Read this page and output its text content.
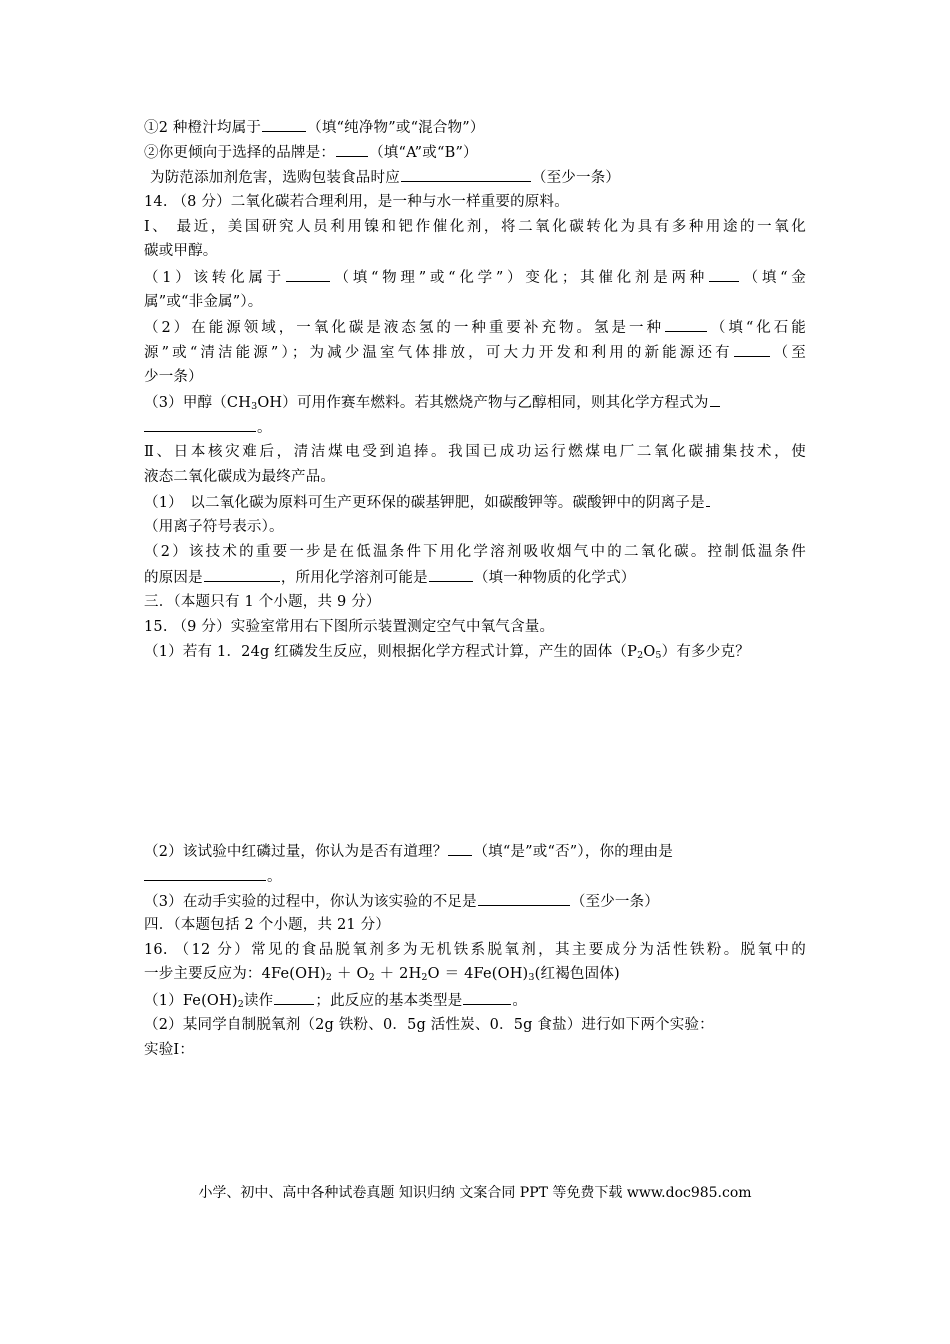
①2 种橙汁均属于	（填“纯净物”或“混合物”）
②你更倾向于选择的品牌是： （填“A”或“B”）
为防范添加剂危害，选购包装食品时应	（至少一条）
14. （8 分）二氧化碳若合理利用，是一种与水一样重要的原料。
Ⅰ、 最近，美国研究人员利用镍和钯作催化剂，将二氧化碳转化为具有多种用途的一氧化
碳或甲醇。
（1）该转化属于	（填“物理”或“化学”）变化；其催化剂是两种 （填“金
属”或“非金属”）。
（2）在能源领域，一氧化碳是液态氢的一种重要补充物。氢是一种	（填“化石能
源”或“清洁能源”）；为减少温室气体排放，可大力开发和利用的新能源还有	（至
少一条）
（3）甲醇$(CH_3OH)$可用作赛车燃料。若其燃烧产物与乙醇相同，则其化学方程式为
。
Ⅱ、日本核灾难后，清洁煤电受到追捧。我国已成功运行燃煤电厂二氧化碳捕集技术，使
液态二氧化碳成为最终产品。
（1）　以二氧化碳为原料可生产更环保的碳基钾肥，如碳酸钾等。碳酸钾中的阴离子是
（用离子符号表示）。
（2）该技术的重要一步是在低温条件下用化学溶剂吸收烟气中的二氧化碳。控制低温条件
的原因是	，所用化学溶剂可能是	（填一种物质的化学式）
三．（本题只有 1 个小题，共 9 分）
15. （9 分）实验室常用右下图所示装置测定空气中氧气含量。
（1）若有 1．24g 红磷发生反应，则根据化学方程式计算，产生的固体$(P_2O_5)$有多少克？
（2）该试验中红磷过量，你认为是否有道理？ （填“是”或“否”），你的理由是
。
（3）在动手实验的过程中，你认为该实验的不足是	（至少一条）
四．（本题包括 2 个小题，共 21 分）
16. （12 分）常见的食品脱氧剂多为无机铁系脱氧剂，其主要成分为活性铁粉。脱氧中的
一步主要反应为：$4Fe(OH)_2 + O_2 + 2H_2O = 4Fe(OH)_3$(红褐色固体)
$(1)Fe(OH)_2$读作	；此反应的基本类型是	。
（2）某同学自制脱氧剂（2g 铁粉、0．5g 活性炭、0．5g 食盐）进行如下两个实验：
实验Ⅰ：
小学、初中、高中各种试卷真题 知识归纳 文案合同 PPT 等免费下载 www.doc985.com
